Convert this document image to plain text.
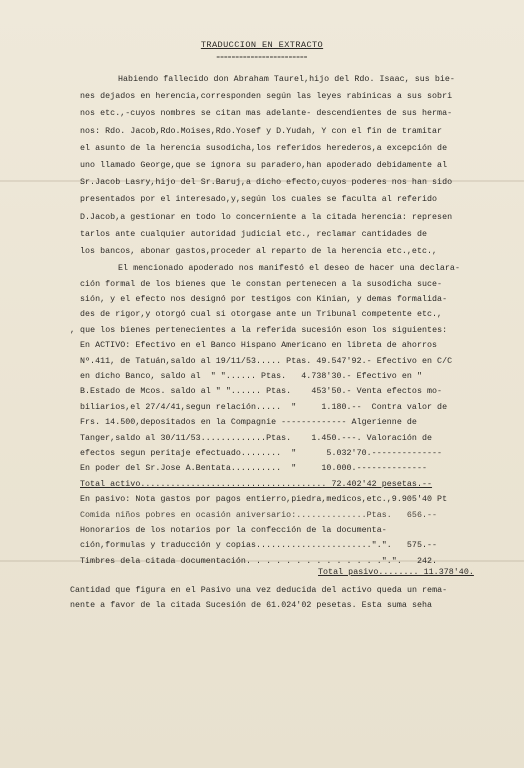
TRADUCCION EN EXTRACTO
========================
Habiendo fallecido don Abraham Taurel,hijo del Rdo. Isaac, sus bie-
nes dejados en herencia,corresponden según las leyes rabínicas a sus sobri
nos etc.,-cuyos nombres se citan mas adelante- descendientes de sus herma-
nos: Rdo. Jacob,Rdo.Moises,Rdo.Yosef y D.Yudah, Y con el fin de tramitar
el asunto de la herencia susodicha,los referidos herederos,a excepción de
uno llamado George,que se ignora su paradero,han apoderado debidamente al
Sr.Jacob Lasry,hijo del Sr.Baruj,a dicho efecto,cuyos poderes nos han sido
presentados por el interesado,y,según los cuales se faculta al referido
D.Jacob,a gestionar en todo lo concerniente a la citada herencia: represen
tarlos ante cualquier autoridad judicial etc., reclamar cantidades de
los bancos, abonar gastos,proceder al reparto de la herencia etc.,etc.,
El mencionado apoderado nos manifestó el deseo de hacer una declara-
ción formal de los bienes que le constan pertenecen a la susodicha suce-
sión, y el efecto nos designó por testigos con Kinian, y demas formalida-
des de rigor,y otorgó cual si otorgase ante un Tribunal competente etc.,
, que los bienes pertenecientes a la referida sucesión eson los siguientes:
En ACTIVO: Efectivo en el Banco Hispano Americano en libreta de ahorros
Nº.411, de Tatuán,saldo al 19/11/53..... Ptas. 49.547'92.- Efectivo en C/C
en dicho Banco, saldo al  " "...... Ptas.   4.738'30.- Efectivo en "
B.Estado de Mcos. saldo al " "...... Ptas.    453'50.- Venta efectos mo-
biliarios,el 27/4/41,segun relación.....  "     1.180.--  Contra valor de
Frs. 14.500,depositados en la Compagnie ------------- Algerienne de
Tanger,saldo al 30/11/53.............Ptas.    1.450.---. Valoración de
efectos segun peritaje efectuado........  "      5.032'70.--------------
En poder del Sr.Jose A.Bentata..........  "     10.000.--------------
Total activo..................................... 72.402'42 pesetas.--
En pasivo: Nota gastos por pagos entierro,piedra,medicos,etc.,9.905'40 Pt
Comida niños pobres en ocasión aniversario:..............Ptas.   656.--
Honorarios de los notarios por la confección de la documenta-
ción,formulas y traducción y copias.......................".".   575.--
Timbres dela citada documentación. . . . . . . . . . . . . .".".   242.
Total pasivo........ 11.378'40.
Cantidad que figura en el Pasivo una vez deducida del activo queda un rema-
nente a favor de la citada Sucesión de 61.024'02 pesetas. Esta suma seha
